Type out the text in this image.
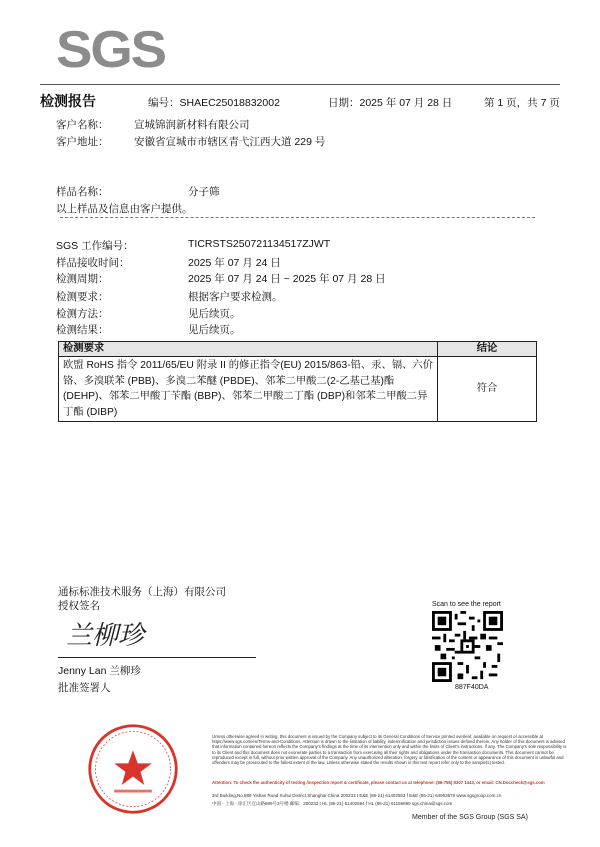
SGS
检测报告	编号：SHAEC25018832002	日期：2025 年 07 月 28 日	第 1 页，共 7 页
客户名称： 宣城锦润新材料有限公司
客户地址： 安徽省宣城市市辖区青弋江西大道 229 号
样品名称：	分子筛
以上样品及信息由客户提供。
SGS 工作编号：	TICRSTS250721134517ZJWT
样品接收时间：	2025 年 07 月 24 日
检测周期：	2025 年 07 月 24 日 ~ 2025 年 07 月 28 日
检测要求：	根据客户要求检测。
检测方法：	见后续页。
检测结果：	见后续页。
检测要求	结论
欧盟 RoHS 指令 2011/65/EU 附录 II 的修正指令(EU) 2015/863-铅、汞、镉、六价铬、多溴联苯 (PBB)、多溴二苯醚 (PBDE)、邻苯二甲酸二(2-乙基己基)酯 (DEHP)、邻苯二甲酸丁苄酯 (BBP)、邻苯二甲酸二丁酯 (DBP)和邻苯二甲酸二异丁酯 (DIBP)	符合
通标标准技术服务（上海）有限公司
授权签名
兰柳珍
Jenny Lan 兰柳珍
批准签署人
Scan to see the report
887F40DA
Unless otherwise agreed in writing, this document is issued by the Company subject to its General Conditions of Service printed overleaf, available on request or accessible at https://www.sgs.com/en/Terms-and-Conditions. Attention is drawn to the limitation of liability, indemnification and jurisdiction issues defined therein. Any holder of this document is advised that information contained hereon reflects the Company's findings at the time of its intervention only and within the limits of Client's instructions, if any. The Company's sole responsibility is to its Client and this document does not exonerate parties to a transaction from exercising all their rights and obligations under the transaction documents. This document cannot be reproduced except in full, without prior written approval of the Company. Any unauthorized alteration, forgery or falsification of the content or appearance of this document is unlawful and offenders may be prosecuted to the fullest extent of the law. Unless otherwise stated the results shown in this test report refer only to the sample(s) tested.
Attention: To check the authenticity of testing /inspection report & certificate, please contact us at telephone: (86-755) 8307 1443, or email: CN.Doccheck@sgs.com
3rd Building,No.889 Yishan Road Xuhui District,Shanghai China 200233 t E&E (86-21) 61402553 f E&E (86-21) 64953679 www.sgsgroup.com.cn
中国 · 上海 · 徐汇区宜山路889号3号楼 邮编：200233 t HL (86-21) 61402594 f HL (86-21) 61156899 sgs.china@sgs.com
Member of the SGS Group (SGS SA)
